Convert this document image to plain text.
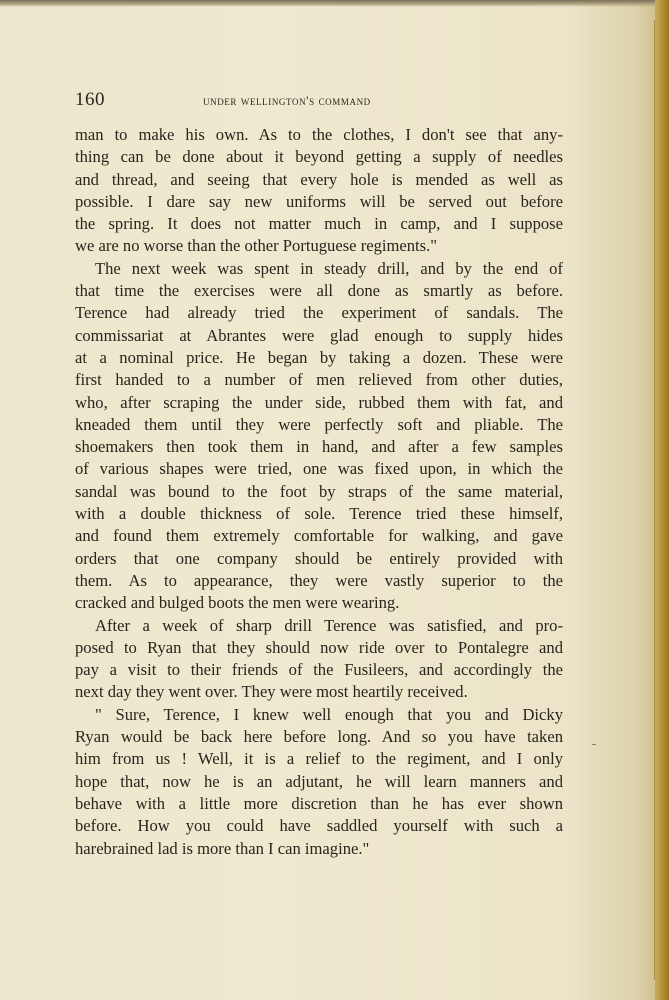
160	under wellington's command
man to make his own. As to the clothes, I don't see that any-
thing can be done about it beyond getting a supply of needles
and thread, and seeing that every hole is mended as well as
possible. I dare say new uniforms will be served out before
the spring. It does not matter much in camp, and I suppose
we are no worse than the other Portuguese regiments."
The next week was spent in steady drill, and by the end of
that time the exercises were all done as smartly as before.
Terence had already tried the experiment of sandals. The
commissariat at Abrantes were glad enough to supply hides
at a nominal price. He began by taking a dozen. These were
first handed to a number of men relieved from other duties,
who, after scraping the under side, rubbed them with fat, and
kneaded them until they were perfectly soft and pliable. The
shoemakers then took them in hand, and after a few samples
of various shapes were tried, one was fixed upon, in which the
sandal was bound to the foot by straps of the same material,
with a double thickness of sole. Terence tried these himself,
and found them extremely comfortable for walking, and gave
orders that one company should be entirely provided with
them. As to appearance, they were vastly superior to the
cracked and bulged boots the men were wearing.
After a week of sharp drill Terence was satisfied, and pro-
posed to Ryan that they should now ride over to Pontalegre and
pay a visit to their friends of the Fusileers, and accordingly the
next day they went over. They were most heartily received.
" Sure, Terence, I knew well enough that you and Dicky
Ryan would be back here before long. And so you have taken
him from us ! Well, it is a relief to the regiment, and I only
hope that, now he is an adjutant, he will learn manners and
behave with a little more discretion than he has ever shown
before. How you could have saddled yourself with such a
harebrained lad is more than I can imagine."
